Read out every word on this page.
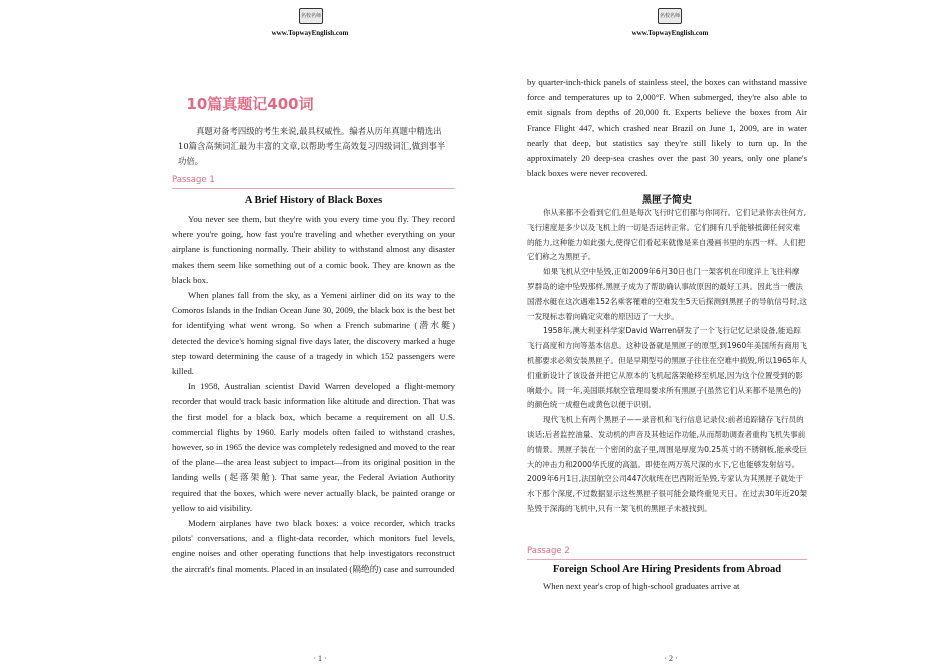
名校名师
www.TopwayEnglish.com
10篇真题记400词

真题对备考四级的考生来说,最具权威性。编者从历年真题中精选出10篇含高频词汇最为丰富的文章,以帮助考生高效复习四级词汇,做到事半功倍。

Passage 1
A Brief History of Black Boxes

You never see them, but they're with you every time you fly. They record where you're going, how fast you're traveling and whether everything on your airplane is functioning normally. Their ability to withstand almost any disaster makes them seem like something out of a comic book. They are known as the black box.

When planes fall from the sky, as a Yemeni airliner did on its way to the Comoros Islands in the Indian Ocean June 30, 2009, the black box is the best bet for identifying what went wrong. So when a French submarine (潜水艇) detected the device's homing signal five days later, the discovery marked a huge step toward determining the cause of a tragedy in which 152 passengers were killed.

In 1958, Australian scientist David Warren developed a flight-memory recorder that would track basic information like altitude and direction. That was the first model for a black box, which became a requirement on all U.S. commercial flights by 1960. Early models often failed to withstand crashes, however, so in 1965 the device was completely redesigned and moved to the rear of the plane—the area least subject to impact—from its original position in the landing wells (起落架舱). That same year, the Federal Aviation Authority required that the boxes, which were never actually black, be painted orange or yellow to aid visibility.

Modern airplanes have two black boxes: a voice recorder, which tracks pilots' conversations, and a flight-data recorder, which monitors fuel levels, engine noises and other operating functions that help investigators reconstruct the aircraft's final moments. Placed in an insulated (隔绝的) case and surrounded

· 1 ·
名校名师
www.TopwayEnglish.com

by quarter-inch-thick panels of stainless steel, the boxes can withstand massive force and temperatures up to 2,000°F. When submerged, they're also able to emit signals from depths of 20,000 ft. Experts believe the boxes from Air France Flight 447, which crashed near Brazil on June 1, 2009, are in water nearly that deep, but statistics say they're still likely to turn up. In the approximately 20 deep-sea crashes over the past 30 years, only one plane's black boxes were never recovered.

黑匣子简史

你从来都不会看到它们,但是每次飞行时它们都与你同行。它们记录你去往何方,飞行速度是多少以及飞机上的一切是否运转正常。它们拥有几乎能够抵御任何灾难的能力,这种能力如此强大,使得它们看起来就像是来自漫画书里的东西一样。人们把它们称之为黑匣子。

如果飞机从空中坠毁,正如2009年6月30日也门一架客机在印度洋上飞往科摩罗群岛的途中坠毁那样,黑匣子成为了帮助确认事故原因的最好工具。因此当一艘法国潜水艇在这次遇难152名乘客罹难的空难发生5天后探测到黑匣子的导航信号时,这一发现标志着向确定灾难的原因迈了一大步。

1958年,澳大利亚科学家David Warren研发了一个飞行记忆记录设备,能追踪飞行高度和方向等基本信息。这种设备就是黑匣子的原型,到1960年美国所有商用飞机都要求必须安装黑匣子。但是早期型号的黑匣子往往在空难中损毁,所以1965年人们重新设计了该设备并把它从原本的飞机起落架舱移至机尾,因为这个位置受到的影响最小。同一年,美国联邦航空管理局要求所有黑匣子(虽然它们从来都不是黑色的)的颜色统一成橙色或黄色以便于识别。

现代飞机上有两个黑匣子——录音机和飞行信息记录仪:前者追踪储存飞行员的谈话;后者监控油量、发动机的声音及其他运作功能,从而帮助调查者重构飞机失事前的情景。黑匣子装在一个密闭的盒子里,周围是厚度为0.25英寸的不锈钢板,能承受巨大的冲击力和2000华氏度的高温。即使在两万英尺深的水下,它也能够发射信号。2009年6月1日,法国航空公司447次航班在巴西附近坠毁,专家认为其黑匣子就处于水下那个深度,不过数据显示这些黑匣子很可能会最终重见天日。在过去30年近20架坠毁于深海的飞机中,只有一架飞机的黑匣子未被找到。

Passage 2
Foreign School Are Hiring Presidents from Abroad

When next year's crop of high-school graduates arrive at

· 2 ·
